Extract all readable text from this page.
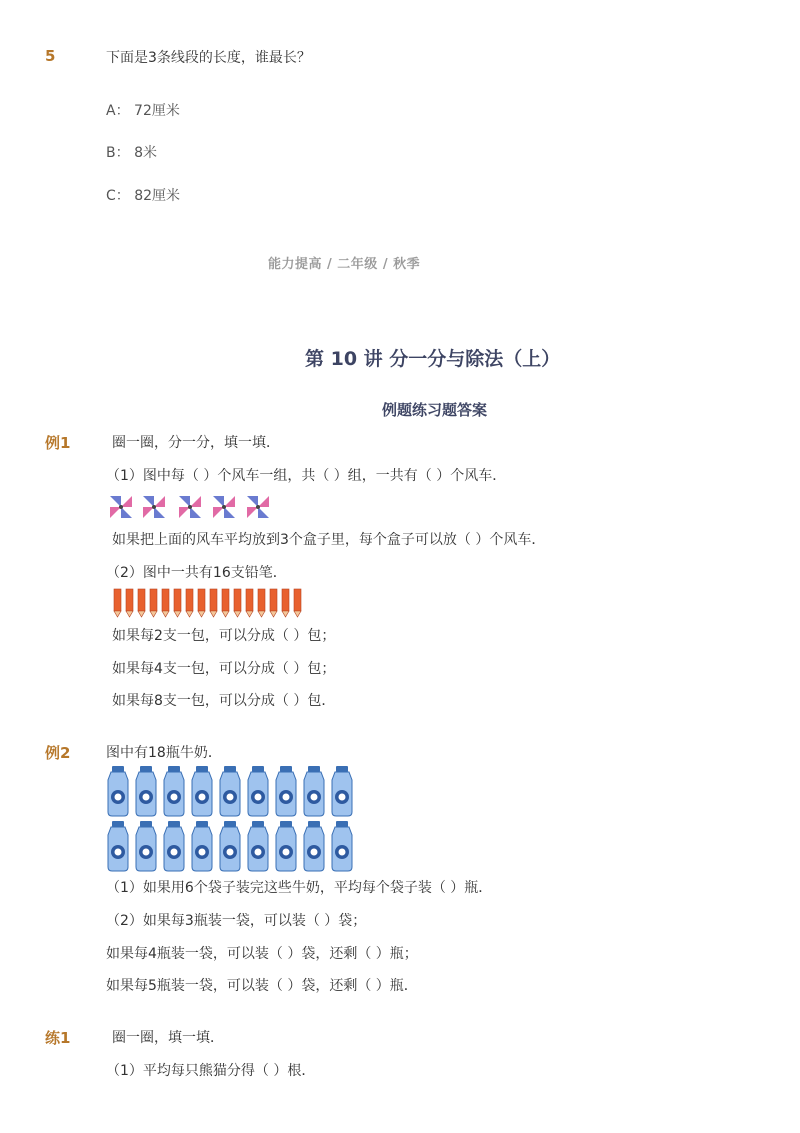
5	下面是3条线段的长度，谁最长？
A： 72厘米
B： 8米
C： 82厘米
能力提高 / 二年级 / 秋季
第 10 讲 分一分与除法（上）
例题练习题答案
例1	圈一圈，分一分，填一填．
（1）图中每（ ）个风车一组，共（ ）组，一共有（ ）个风车．
如果把上面的风车平均放到3个盒子里，每个盒子可以放（ ）个风车．
（2）图中一共有16支铅笔．
如果每2支一包，可以分成（ ）包；
如果每4支一包，可以分成（ ）包；
如果每8支一包，可以分成（ ）包．
例2	图中有18瓶牛奶．
（1）如果用6个袋子装完这些牛奶，平均每个袋子装（ ）瓶．
（2）如果每3瓶装一袋，可以装（ ）袋；
如果每4瓶装一袋，可以装（ ）袋，还剩（ ）瓶；
如果每5瓶装一袋，可以装（ ）袋，还剩（ ）瓶．
练1	圈一圈，填一填．
（1）平均每只熊猫分得（ ）根．
